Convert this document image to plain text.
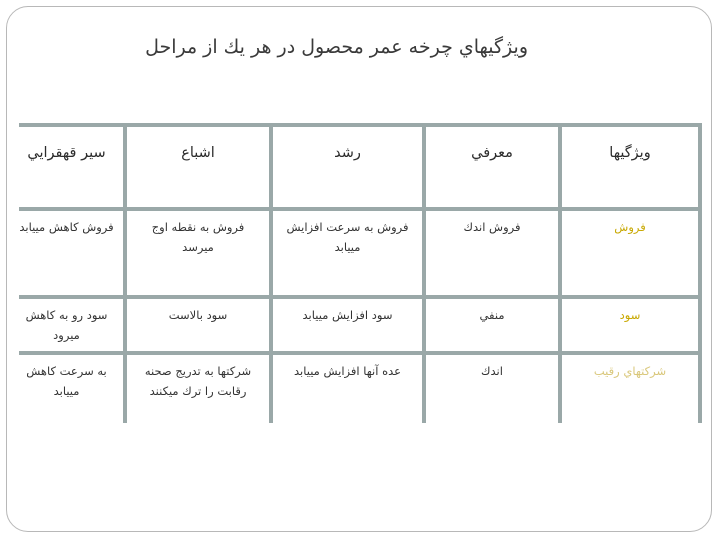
ويژگيهاي چرخه عمر محصول در هر يك از مراحل
ويژگيها
معرفي
رشد
اشباع
سير قهقرايي
فروش
فروش اندك
فروش به سرعت افزايش مييابد
فروش به نقطه اوج ميرسد
فروش كاهش مييابد
سود
منفي
سود افزايش مييابد
سود بالاست
سود رو به كاهش ميرود
شركتهاي رقيب
اندك
عده آنها افزايش مييابد
شركتها به تدريج صحنه رقابت را ترك ميكنند
به سرعت كاهش مييابد
